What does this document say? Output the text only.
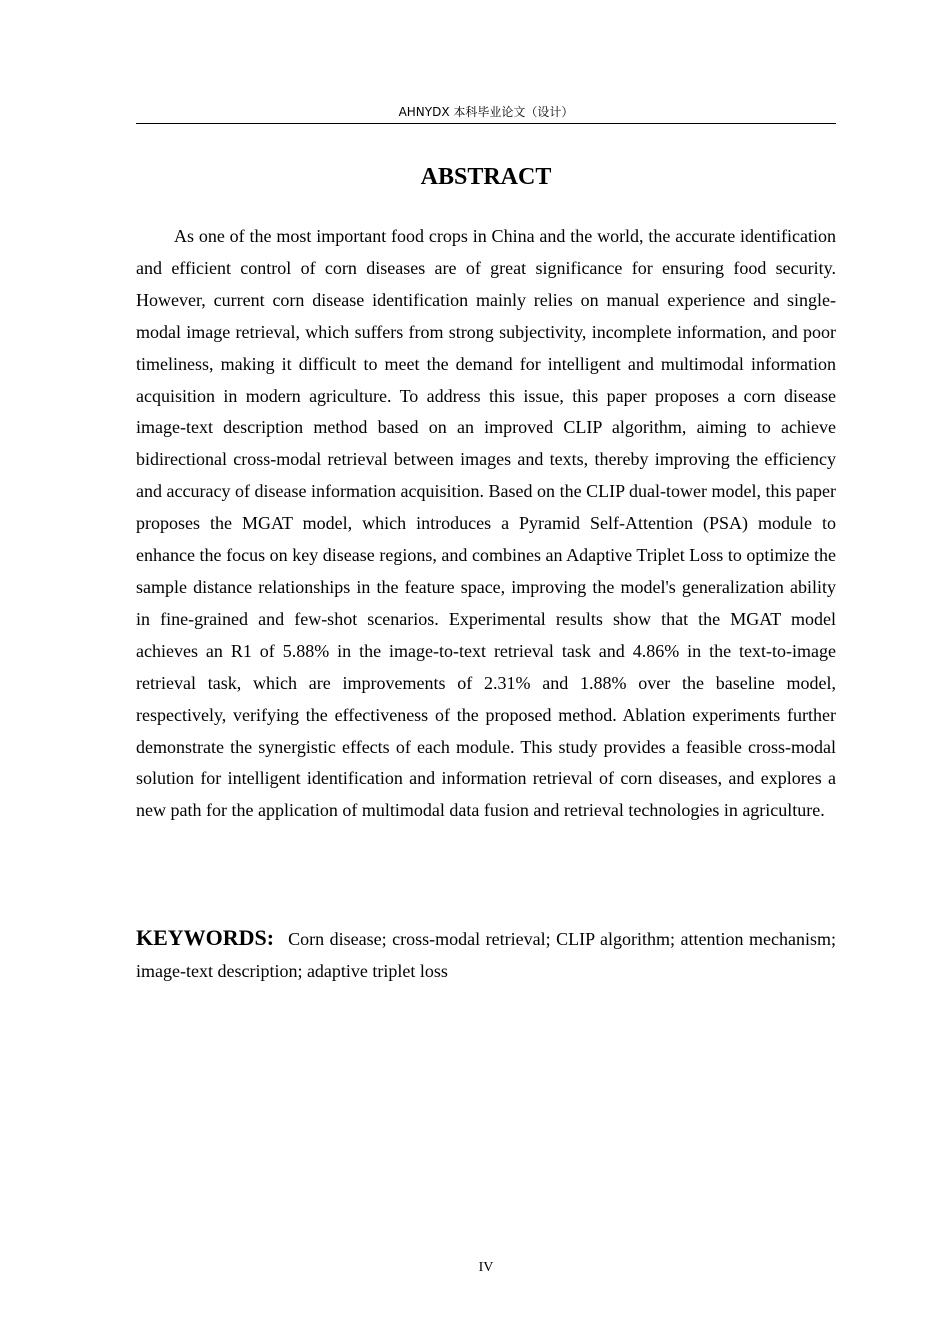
AHNYDX 本科毕业论文（设计）
ABSTRACT

As one of the most important food crops in China and the world, the accurate identification and efficient control of corn diseases are of great significance for ensuring food security. However, current corn disease identification mainly relies on manual experience and single-modal image retrieval, which suffers from strong subjectivity, incomplete information, and poor timeliness, making it difficult to meet the demand for intelligent and multimodal information acquisition in modern agriculture. To address this issue, this paper proposes a corn disease image-text description method based on an improved CLIP algorithm, aiming to achieve bidirectional cross-modal retrieval between images and texts, thereby improving the efficiency and accuracy of disease information acquisition. Based on the CLIP dual-tower model, this paper proposes the MGAT model, which introduces a Pyramid Self-Attention (PSA) module to enhance the focus on key disease regions, and combines an Adaptive Triplet Loss to optimize the sample distance relationships in the feature space, improving the model's generalization ability in fine-grained and few-shot scenarios. Experimental results show that the MGAT model achieves an R1 of 5.88% in the image-to-text retrieval task and 4.86% in the text-to-image retrieval task, which are improvements of 2.31% and 1.88% over the baseline model, respectively, verifying the effectiveness of the proposed method. Ablation experiments further demonstrate the synergistic effects of each module. This study provides a feasible cross-modal solution for intelligent identification and information retrieval of corn diseases, and explores a new path for the application of multimodal data fusion and retrieval technologies in agriculture.

KEYWORDS: Corn disease; cross-modal retrieval; CLIP algorithm; attention mechanism; image-text description; adaptive triplet loss

IV
